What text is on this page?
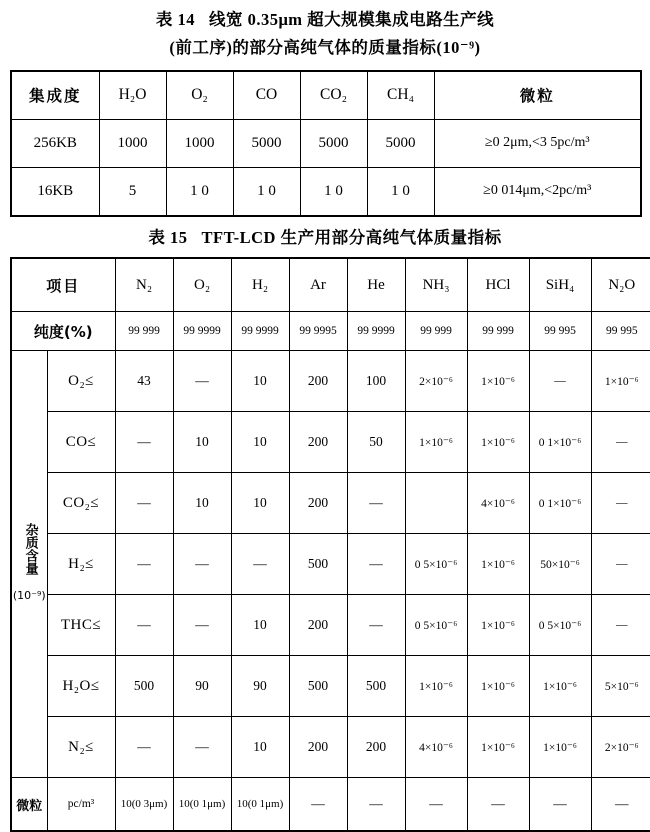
表 14 线宽 0.35μm 超大规模集成电路生产线
(前工序)的部分高纯气体的质量指标(10⁻⁹)
集成度	H₂O	O₂	CO	CO₂	CH₄	微粒
256KB	1000	1000	5000	5000	5000	≥0 2μm,<3 5pc/m³
16KB	5	1 0	1 0	1 0	1 0	≥0 014μm,<2pc/m³
表 15 TFT-LCD 生产用部分高纯气体质量指标
项目		N₂	O₂	H₂	Ar	He	NH₃	HCl	SiH₄	N₂O
纯度(%)		99 999	99 9999	99 9999	99 9995	99 9999	99 999	99 999	99 995	99 995
杂质含量
(10⁻⁹)	O₂≤	43	—	10	200	100	2×10⁻⁶	1×10⁻⁶	—	1×10⁻⁶
	CO≤	—	10	10	200	50	1×10⁻⁶	1×10⁻⁶	0 1×10⁻⁶	—
	CO₂≤	—	10	10	200	—		4×10⁻⁶	0 1×10⁻⁶	—
	H₂≤	—	—	—	500	—	0 5×10⁻⁶	1×10⁻⁶	50×10⁻⁶	—
	THC≤	—	—	10	200	—	0 5×10⁻⁶	1×10⁻⁶	0 5×10⁻⁶	—
	H₂O≤	500	90	90	500	500	1×10⁻⁶	1×10⁻⁶	1×10⁻⁶	5×10⁻⁶
	N₂≤	—	—	10	200	200	4×10⁻⁶	1×10⁻⁶	1×10⁻⁶	2×10⁻⁶
微粒	pc/m³	10(0 3μm)	10(0 1μm)	10(0 1μm)	—	—	—	—	—	—
